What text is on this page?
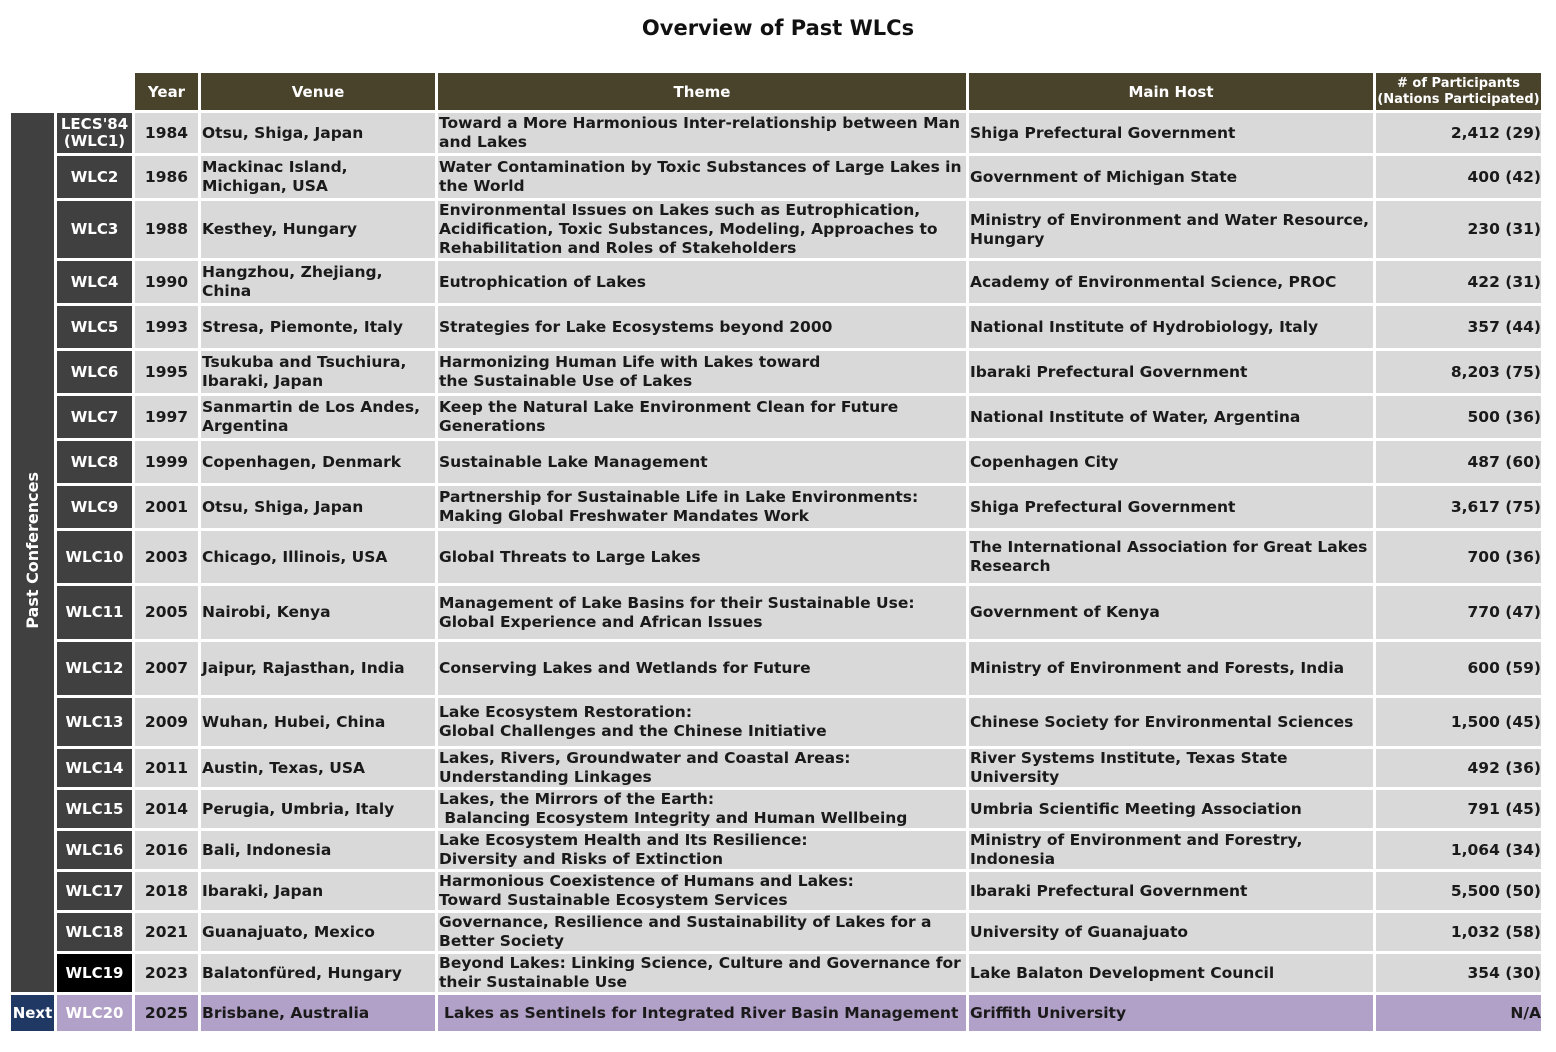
Overview of Past WLCs
		Year	Venue	Theme	Main Host	# of Participants
(Nations Participated)
Past Conferences	LECS'84 (WLC1)	1984	Otsu, Shiga, Japan	Toward a More Harmonious Inter-relationship between Man and Lakes	Shiga Prefectural Government	2,412 (29)
	WLC2	1986	Mackinac Island, Michigan, USA	Water Contamination by Toxic Substances of Large Lakes in the World	Government of Michigan State	400 (42)
	WLC3	1988	Kesthey, Hungary	Environmental Issues on Lakes such as Eutrophication, Acidification, Toxic Substances, Modeling, Approaches to Rehabilitation and Roles of Stakeholders	Ministry of Environment and Water Resource, Hungary	230 (31)
	WLC4	1990	Hangzhou, Zhejiang, China	Eutrophication of Lakes	Academy of Environmental Science, PROC	422 (31)
	WLC5	1993	Stresa, Piemonte, Italy	Strategies for Lake Ecosystems beyond 2000	National Institute of Hydrobiology, Italy	357 (44)
	WLC6	1995	Tsukuba and Tsuchiura, Ibaraki, Japan	Harmonizing Human Life with Lakes toward
the Sustainable Use of Lakes	Ibaraki Prefectural Government	8,203 (75)
	WLC7	1997	Sanmartin de Los Andes, Argentina	Keep the Natural Lake Environment Clean for Future Generations	National Institute of Water, Argentina	500 (36)
	WLC8	1999	Copenhagen, Denmark	Sustainable Lake Management	Copenhagen City	487 (60)
	WLC9	2001	Otsu, Shiga, Japan	Partnership for Sustainable Life in Lake Environments:
Making Global Freshwater Mandates Work	Shiga Prefectural Government	3,617 (75)
	WLC10	2003	Chicago, Illinois, USA	Global Threats to Large Lakes	The International Association for Great Lakes Research	700 (36)
	WLC11	2005	Nairobi, Kenya	Management of Lake Basins for their Sustainable Use:
Global Experience and African Issues	Government of Kenya	770 (47)
	WLC12	2007	Jaipur, Rajasthan, India	Conserving Lakes and Wetlands for Future	Ministry of Environment and Forests, India	600 (59)
	WLC13	2009	Wuhan, Hubei, China	Lake Ecosystem Restoration:
Global Challenges and the Chinese Initiative	Chinese Society for Environmental Sciences	1,500 (45)
	WLC14	2011	Austin, Texas, USA	Lakes, Rivers, Groundwater and Coastal Areas: Understanding Linkages	River Systems Institute, Texas State University	492 (36)
	WLC15	2014	Perugia, Umbria, Italy	Lakes, the Mirrors of the Earth:
Balancing Ecosystem Integrity and Human Wellbeing	Umbria Scientific Meeting Association	791 (45)
	WLC16	2016	Bali, Indonesia	Lake Ecosystem Health and Its Resilience:
Diversity and Risks of Extinction	Ministry of Environment and Forestry, Indonesia	1,064 (34)
	WLC17	2018	Ibaraki, Japan	Harmonious Coexistence of Humans and Lakes:
Toward Sustainable Ecosystem Services	Ibaraki Prefectural Government	5,500 (50)
	WLC18	2021	Guanajuato, Mexico	Governance, Resilience and Sustainability of Lakes for a Better Society	University of Guanajuato	1,032 (58)
	WLC19	2023	Balatonfüred, Hungary	Beyond Lakes: Linking Science, Culture and Governance for their Sustainable Use	Lake Balaton Development Council	354 (30)
Next	WLC20	2025	Brisbane, Australia	Lakes as Sentinels for Integrated River Basin Management	Griffith University	N/A
